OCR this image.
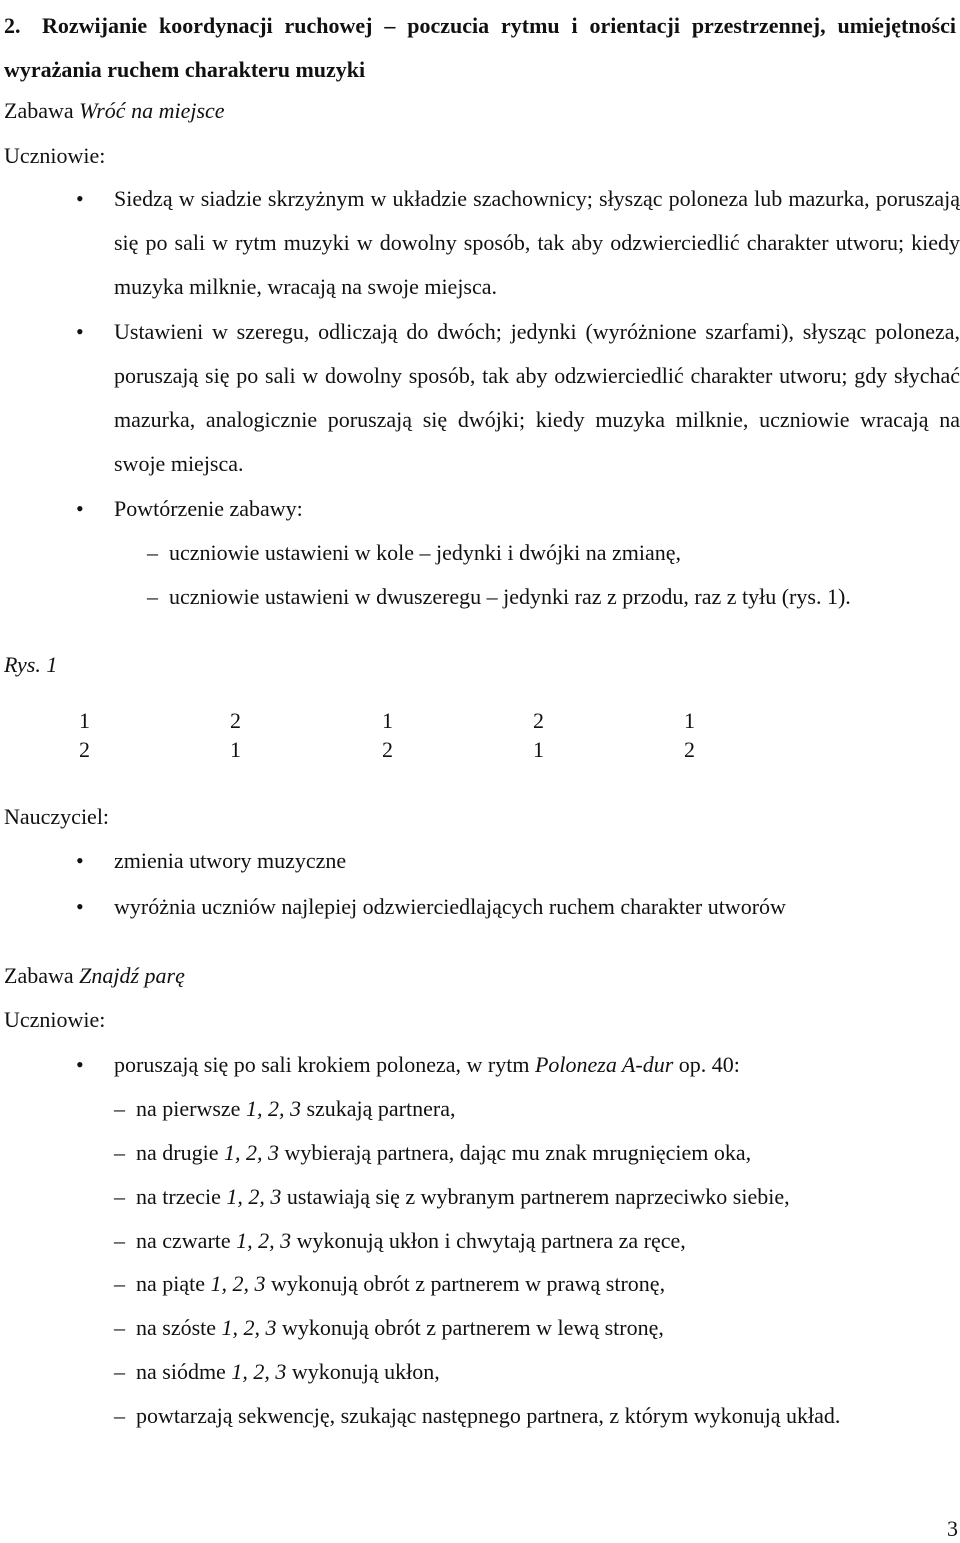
2. Rozwijanie koordynacji ruchowej – poczucia rytmu i orientacji przestrzennej, umiejętności wyrażania ruchem charakteru muzyki
Zabawa Wróć na miejsce
Uczniowie:
•	Siedzą w siadzie skrzyżnym w układzie szachownicy; słysząc poloneza lub mazurka, poruszają się po sali w rytm muzyki w dowolny sposób, tak aby odzwierciedlić charakter utworu; kiedy muzyka milknie, wracają na swoje miejsca.
•	Ustawieni w szeregu, odliczają do dwóch; jedynki (wyróżnione szarfami), słysząc poloneza, poruszają się po sali w dowolny sposób, tak aby odzwierciedlić charakter utworu; gdy słychać mazurka, analogicznie poruszają się dwójki; kiedy muzyka milknie, uczniowie wracają na swoje miejsca.
•	Powtórzenie zabawy:
– uczniowie ustawieni w kole – jedynki i dwójki na zmianę,
– uczniowie ustawieni w dwuszeregu – jedynki raz z przodu, raz z tyłu (rys. 1).
Rys. 1
1	2	1	2	1
2	1	2	1	2
Nauczyciel:
•	zmienia utwory muzyczne
•	wyróżnia uczniów najlepiej odzwierciedlających ruchem charakter utworów
Zabawa Znajdź parę
Uczniowie:
•	poruszają się po sali krokiem poloneza, w rytm Poloneza A-dur op. 40:
– na pierwsze 1, 2, 3 szukają partnera,
– na drugie 1, 2, 3 wybierają partnera, dając mu znak mrugnięciem oka,
– na trzecie 1, 2, 3 ustawiają się z wybranym partnerem naprzeciwko siebie,
– na czwarte 1, 2, 3 wykonują ukłon i chwytają partnera za ręce,
– na piąte 1, 2, 3 wykonują obrót z partnerem w prawą stronę,
– na szóste 1, 2, 3 wykonują obrót z partnerem w lewą stronę,
– na siódme 1, 2, 3 wykonują ukłon,
– powtarzają sekwencję, szukając następnego partnera, z którym wykonują układ.
3
